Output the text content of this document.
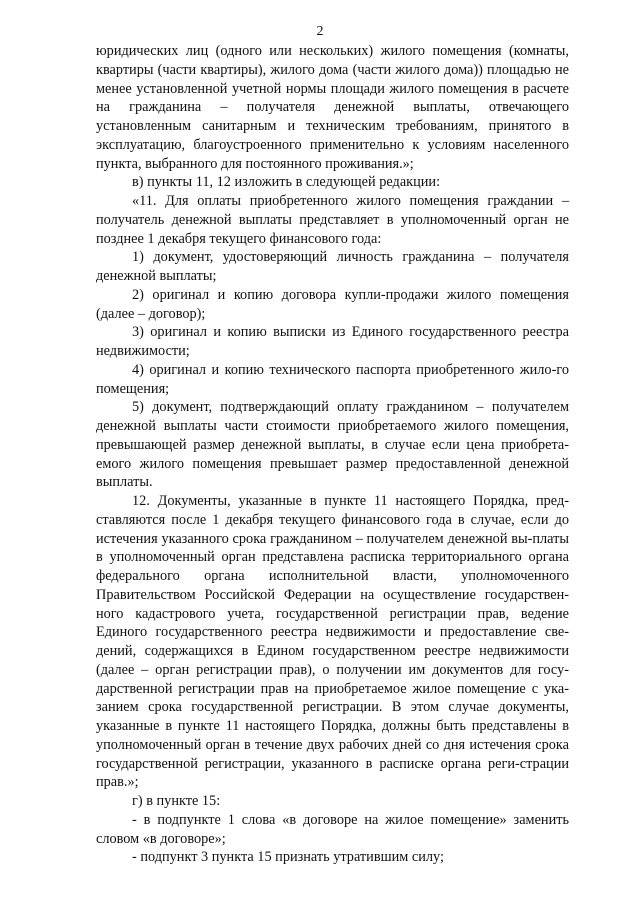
2

юридических лиц (одного или нескольких) жилого помещения (комнаты, квартиры (части квартиры), жилого дома (части жилого дома)) площадью не менее установленной учетной нормы площади жилого помещения в расчете на гражданина – получателя денежной выплаты, отвечающего установленным санитарным и техническим требованиям, принятого в эксплуатацию, благоустроенного применительно к условиям населенного пункта, выбранного для постоянного проживания.»;

в) пункты 11, 12 изложить в следующей редакции:

«11. Для оплаты приобретенного жилого помещения граждании – получатель денежной выплаты представляет в уполномоченный орган не позднее 1 декабря текущего финансового года:

1) документ, удостоверяющий личность гражданина – получателя денежной выплаты;

2) оригинал и копию договора купли-продажи жилого помещения (далее – договор);

3) оригинал и копию выписки из Единого государственного реестра недвижимости;

4) оригинал и копию технического паспорта приобретенного жило-го помещения;

5) документ, подтверждающий оплату гражданином – получателем денежной выплаты части стоимости приобретаемого жилого помещения, превышающей размер денежной выплаты, в случае если цена приобрета-емого жилого помещения превышает размер предоставленной денежной выплаты.

12. Документы, указанные в пункте 11 настоящего Порядка, пред-ставляются после 1 декабря текущего финансового года в случае, если до истечения указанного срока гражданином – получателем денежной вы-платы в уполномоченный орган представлена расписка территориального органа федерального органа исполнительной власти, уполномоченного Правительством Российской Федерации на осуществление государствен-ного кадастрового учета, государственной регистрации прав, ведение Единого государственного реестра недвижимости и предоставление све-дений, содержащихся в Едином государственном реестре недвижимости (далее – орган регистрации прав), о получении им документов для госу-дарственной регистрации прав на приобретаемое жилое помещение с ука-занием срока государственной регистрации. В этом случае документы, указанные в пункте 11 настоящего Порядка, должны быть представлены в уполномоченный орган в течение двух рабочих дней со дня истечения срока государственной регистрации, указанного в расписке органа реги-страции прав.»;

г) в пункте 15:

- в подпункте 1 слова «в договоре на жилое помещение» заменить словом «в договоре»;

- подпункт 3 пункта 15 признать утратившим силу;
